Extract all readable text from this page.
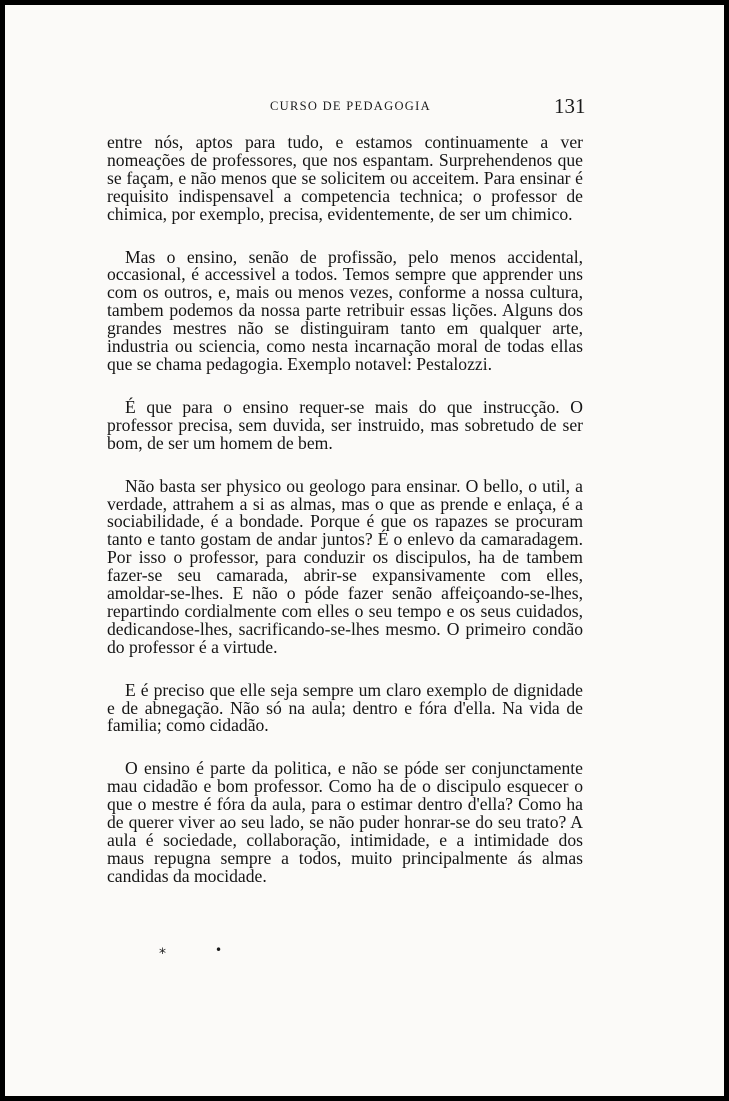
CURSO DE PEDAGOGIA	131

entre nós, aptos para tudo, e estamos continuamente a ver nomeações de professores, que nos espantam. Surprehendenos que se façam, e não menos que se solicitem ou acceitem. Para ensinar é requisito indispensavel a competencia technica; o professor de chimica, por exemplo, precisa, evidentemente, de ser um chimico.

Mas o ensino, senão de profissão, pelo menos accidental, occasional, é accessivel a todos. Temos sempre que apprender uns com os outros, e, mais ou menos vezes, conforme a nossa cultura, tambem podemos da nossa parte retribuir essas lições. Alguns dos grandes mestres não se distinguiram tanto em qualquer arte, industria ou sciencia, como nesta incarnação moral de todas ellas que se chama pedagogia. Exemplo notavel: Pestalozzi.

É que para o ensino requer-se mais do que instrucção. O professor precisa, sem duvida, ser instruido, mas sobretudo de ser bom, de ser um homem de bem.

Não basta ser physico ou geologo para ensinar. O bello, o util, a verdade, attrahem a si as almas, mas o que as prende e enlaça, é a sociabilidade, é a bondade. Porque é que os rapazes se procuram tanto e tanto gostam de andar juntos? É o enlevo da camaradagem. Por isso o professor, para conduzir os discipulos, ha de tambem fazer-se seu camarada, abrir-se expansivamente com elles, amoldar-se-lhes. E não o póde fazer senão affeiçoando-se-lhes, repartindo cordialmente com elles o seu tempo e os seus cuidados, dedicandose-lhes, sacrificando-se-lhes mesmo. O primeiro condão do professor é a virtude.

E é preciso que elle seja sempre um claro exemplo de dignidade e de abnegação. Não só na aula; dentro e fóra d'ella. Na vida de familia; como cidadão.

O ensino é parte da politica, e não se póde ser conjunctamente mau cidadão e bom professor. Como ha de o discipulo esquecer o que o mestre é fóra da aula, para o estimar dentro d'ella? Como ha de querer viver ao seu lado, se não puder honrar-se do seu trato? A aula é sociedade, collaboração, intimidade, e a intimidade dos maus repugna sempre a todos, muito principalmente ás almas candidas da mocidade.

*	•
